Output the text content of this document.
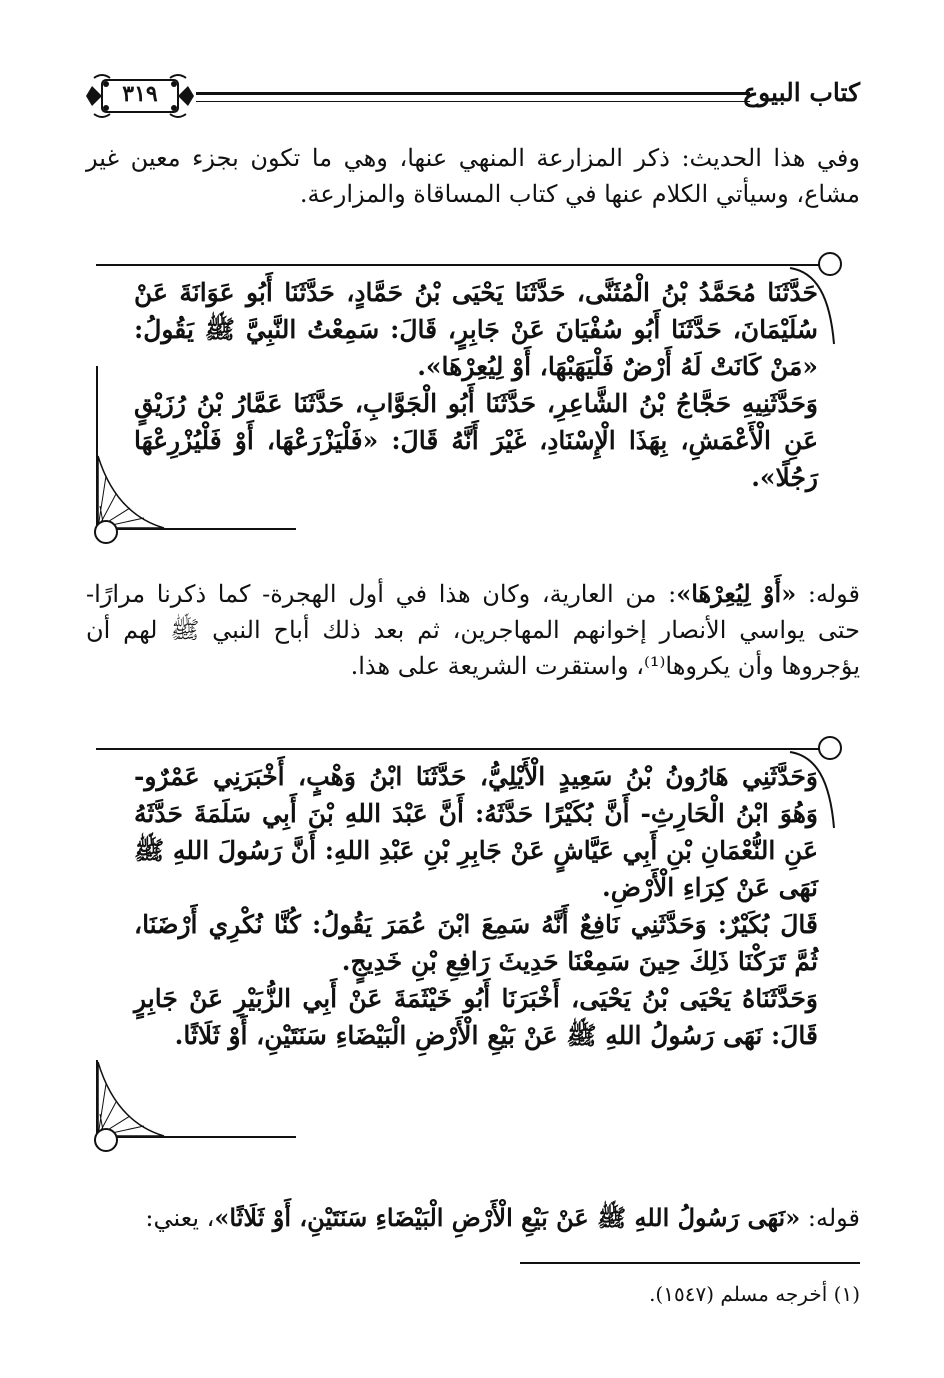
كتاب البيوع
٣١٩

وفي هذا الحديث: ذكر المزارعة المنهي عنها، وهي ما تكون بجزء معين غير مشاع، وسيأتي الكلام عنها في كتاب المساقاة والمزارعة.

حَدَّثَنَا مُحَمَّدُ بْنُ الْمُثَنَّى، حَدَّثَنَا يَحْيَى بْنُ حَمَّادٍ، حَدَّثَنَا أَبُو عَوَانَةَ عَنْ سُلَيْمَانَ، حَدَّثَنَا أَبُو سُفْيَانَ عَنْ جَابِرٍ، قَالَ: سَمِعْتُ النَّبِيَّ ﷺ يَقُولُ: «مَنْ كَانَتْ لَهُ أَرْضٌ فَلْيَهَبْهَا، أَوْ لِيُعِرْهَا».

وَحَدَّثَنِيهِ حَجَّاجُ بْنُ الشَّاعِرِ، حَدَّثَنَا أَبُو الْجَوَّابِ، حَدَّثَنَا عَمَّارُ بْنُ رُزَيْقٍ عَنِ الْأَعْمَشِ، بِهَذَا الْإِسْنَادِ، غَيْرَ أَنَّهُ قَالَ: «فَلْيَزْرَعْهَا، أَوْ فَلْيُزْرِعْهَا رَجُلًا».

قوله: «أَوْ لِيُعِرْهَا»: من العارية، وكان هذا في أول الهجرة- كما ذكرنا مرارًا- حتى يواسي الأنصار إخوانهم المهاجرين، ثم بعد ذلك أباح النبي ﷺ لهم أن يؤجروها وأن يكروها⁽¹⁾، واستقرت الشريعة على هذا.

وَحَدَّثَنِي هَارُونُ بْنُ سَعِيدٍ الْأَيْلِيُّ، حَدَّثَنَا ابْنُ وَهْبٍ، أَخْبَرَنِي عَمْرٌو- وَهُوَ ابْنُ الْحَارِثِ- أَنَّ بُكَيْرًا حَدَّثَهُ: أَنَّ عَبْدَ اللهِ بْنَ أَبِي سَلَمَةَ حَدَّثَهُ عَنِ النُّعْمَانِ بْنِ أَبِي عَيَّاشٍ عَنْ جَابِرِ بْنِ عَبْدِ اللهِ: أَنَّ رَسُولَ اللهِ ﷺ نَهَى عَنْ كِرَاءِ الْأَرْضِ.

قَالَ بُكَيْرٌ: وَحَدَّثَنِي نَافِعٌ أَنَّهُ سَمِعَ ابْنَ عُمَرَ يَقُولُ: كُنَّا نُكْرِي أَرْضَنَا، ثُمَّ تَرَكْنَا ذَلِكَ حِينَ سَمِعْنَا حَدِيثَ رَافِعِ بْنِ خَدِيجٍ.

وَحَدَّثَنَاهُ يَحْيَى بْنُ يَحْيَى، أَخْبَرَنَا أَبُو خَيْثَمَةَ عَنْ أَبِي الزُّبَيْرِ عَنْ جَابِرٍ قَالَ: نَهَى رَسُولُ اللهِ ﷺ عَنْ بَيْعِ الْأَرْضِ الْبَيْضَاءِ سَنَتَيْنِ، أَوْ ثَلَاثًا.

قوله: «نَهَى رَسُولُ اللهِ ﷺ عَنْ بَيْعِ الْأَرْضِ الْبَيْضَاءِ سَنَتَيْنِ، أَوْ ثَلَاثًا»، يعني:

(١) أخرجه مسلم (١٥٤٧).
